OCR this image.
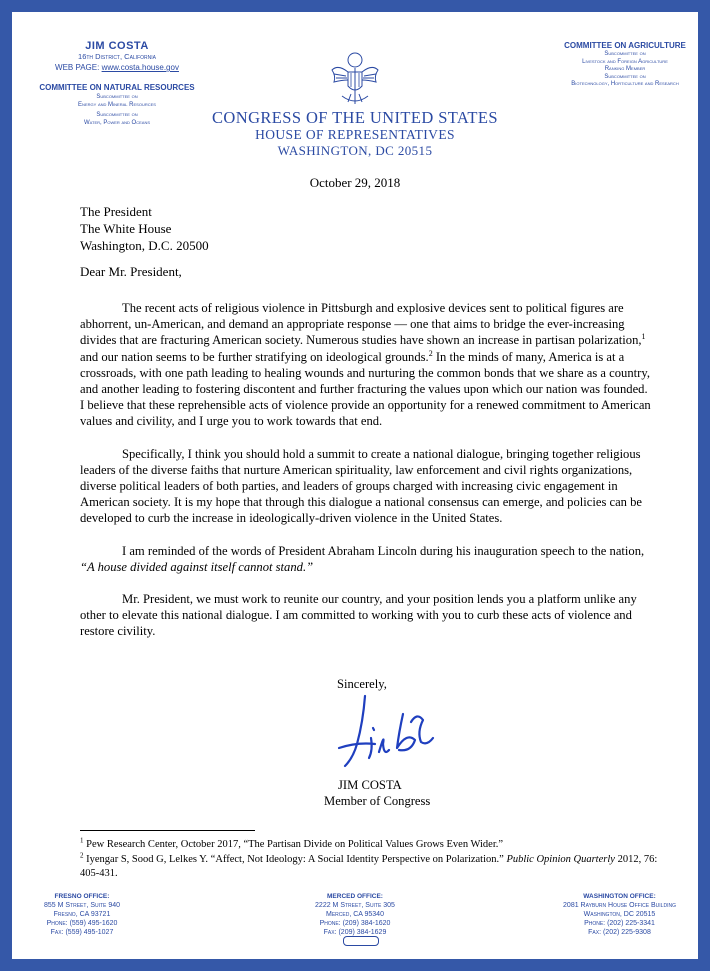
JIM COSTA
16th District, California
WEB PAGE: www.costa.house.gov
COMMITTEE ON NATURAL RESOURCES
Subcommittee on
Energy and Mineral Resources
Subcommittee on
Water, Power and Oceans
COMMITTEE ON AGRICULTURE
Subcommittee on
Livestock and Foreign Agriculture
Ranking Member
Subcommittee on
Biotechnology, Horticulture and Research
CONGRESS OF THE UNITED STATES
HOUSE OF REPRESENTATIVES
WASHINGTON, DC 20515
October 29, 2018
The President
The White House
Washington, D.C. 20500
Dear Mr. President,

The recent acts of religious violence in Pittsburgh and explosive devices sent to political figures are abhorrent, un-American, and demand an appropriate response — one that aims to bridge the ever-increasing divides that are fracturing American society. Numerous studies have shown an increase in partisan polarization,$^1$ and our nation seems to be further stratifying on ideological grounds.$^2$ In the minds of many, America is at a crossroads, with one path leading to healing wounds and nurturing the common bonds that we share as a country, and another leading to fostering discontent and further fracturing the values upon which our nation was founded. I believe that these reprehensible acts of violence provide an opportunity for a renewed commitment to American values and civility, and I urge you to work towards that end.

Specifically, I think you should hold a summit to create a national dialogue, bringing together religious leaders of the diverse faiths that nurture American spirituality, law enforcement and civil rights organizations, diverse political leaders of both parties, and leaders of groups charged with increasing civic engagement in American society. It is my hope that through this dialogue a national consensus can emerge, and policies can be developed to curb the increase in ideologically-driven violence in the United States.

I am reminded of the words of President Abraham Lincoln during his inauguration speech to the nation, “A house divided against itself cannot stand.”

Mr. President, we must work to reunite our country, and your position lends you a platform unlike any other to elevate this national dialogue. I am committed to working with you to curb these acts of violence and restore civility.

Sincerely,
JIM COSTA
Member of Congress
$^1$ Pew Research Center, October 2017, “The Partisan Divide on Political Values Grows Even Wider.”
$^2$ Iyengar S, Sood G, Lelkes Y. “Affect, Not Ideology: A Social Identity Perspective on Polarization.” Public Opinion Quarterly 2012, 76: 405-431.
FRESNO OFFICE:
855 M Street, Suite 940
Fresno, CA 93721
Phone: (559) 495-1620
Fax: (559) 495-1027
MERCED OFFICE:
2222 M Street, Suite 305
Merced, CA 95340
Phone: (209) 384-1620
Fax: (209) 384-1629
WASHINGTON OFFICE:
2081 Rayburn House Office Building
Washington, DC 20515
Phone: (202) 225-3341
Fax: (202) 225-9308
